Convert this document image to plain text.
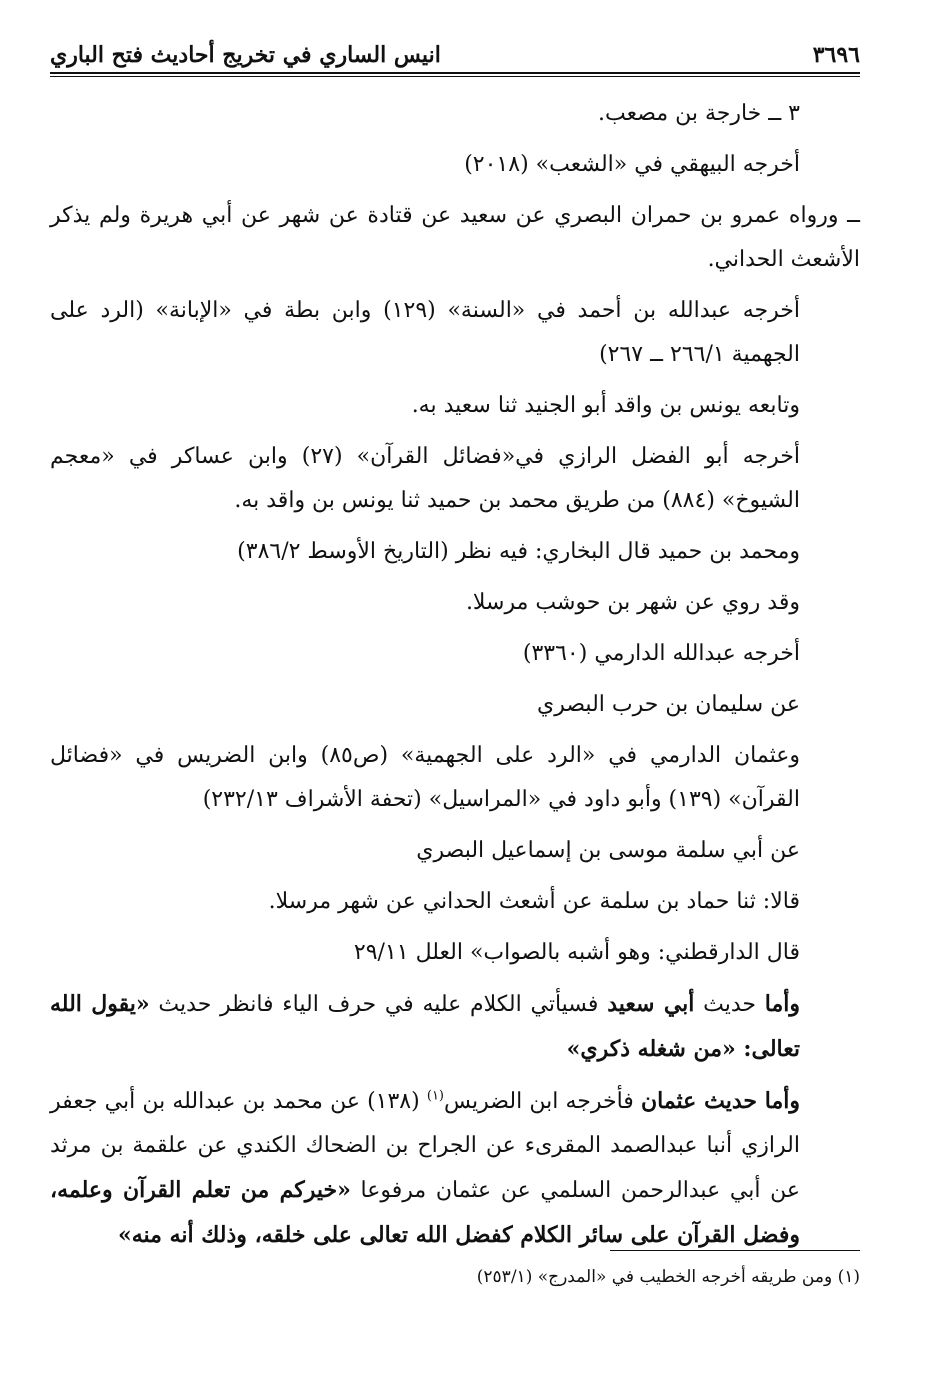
٣٦٩٦
انيس الساري في تخريج أحاديث فتح الباري

٣ ــ خارجة بن مصعب.

أخرجه البيهقي في «الشعب» (٢٠١٨)

ــ ورواه عمرو بن حمران البصري عن سعيد عن قتادة عن شهر عن أبي هريرة ولم يذكر الأشعث الحداني.

أخرجه عبدالله بن أحمد في «السنة» (١٢٩) وابن بطة في «الإبانة» (الرد على الجهمية ٢٦٦/١ ــ ٢٦٧)

وتابعه يونس بن واقد أبو الجنيد ثنا سعيد به.

أخرجه أبو الفضل الرازي في«فضائل القرآن» (٢٧) وابن عساكر في «معجم الشيوخ» (٨٨٤) من طريق محمد بن حميد ثنا يونس بن واقد به.

ومحمد بن حميد قال البخاري: فيه نظر (التاريخ الأوسط ٣٨٦/٢)

وقد روي عن شهر بن حوشب مرسلا.

أخرجه عبدالله الدارمي (٣٣٦٠)

عن سليمان بن حرب البصري

وعثمان الدارمي في «الرد على الجهمية» (ص٨٥) وابن الضريس في «فضائل القرآن» (١٣٩) وأبو داود في «المراسيل» (تحفة الأشراف ٢٣٢/١٣)

عن أبي سلمة موسى بن إسماعيل البصري

قالا: ثنا حماد بن سلمة عن أشعث الحداني عن شهر مرسلا.

قال الدارقطني: وهو أشبه بالصواب» العلل ٢٩/١١

وأما حديث أبي سعيد فسيأتي الكلام عليه في حرف الياء فانظر حديث «يقول الله تعالى: «من شغله ذكري»

وأما حديث عثمان فأخرجه ابن الضريس$^{(١)}$ (١٣٨) عن محمد بن عبدالله بن أبي جعفر الرازي أنبا عبدالصمد المقرىء عن الجراح بن الضحاك الكندي عن علقمة بن مرثد عن أبي عبدالرحمن السلمي عن عثمان مرفوعا «خيركم من تعلم القرآن وعلمه، وفضل القرآن على سائر الكلام كفضل الله تعالى على خلقه، وذلك أنه منه»

(١) ومن طريقه أخرجه الخطيب في «المدرج» (٢٥٣/١)
